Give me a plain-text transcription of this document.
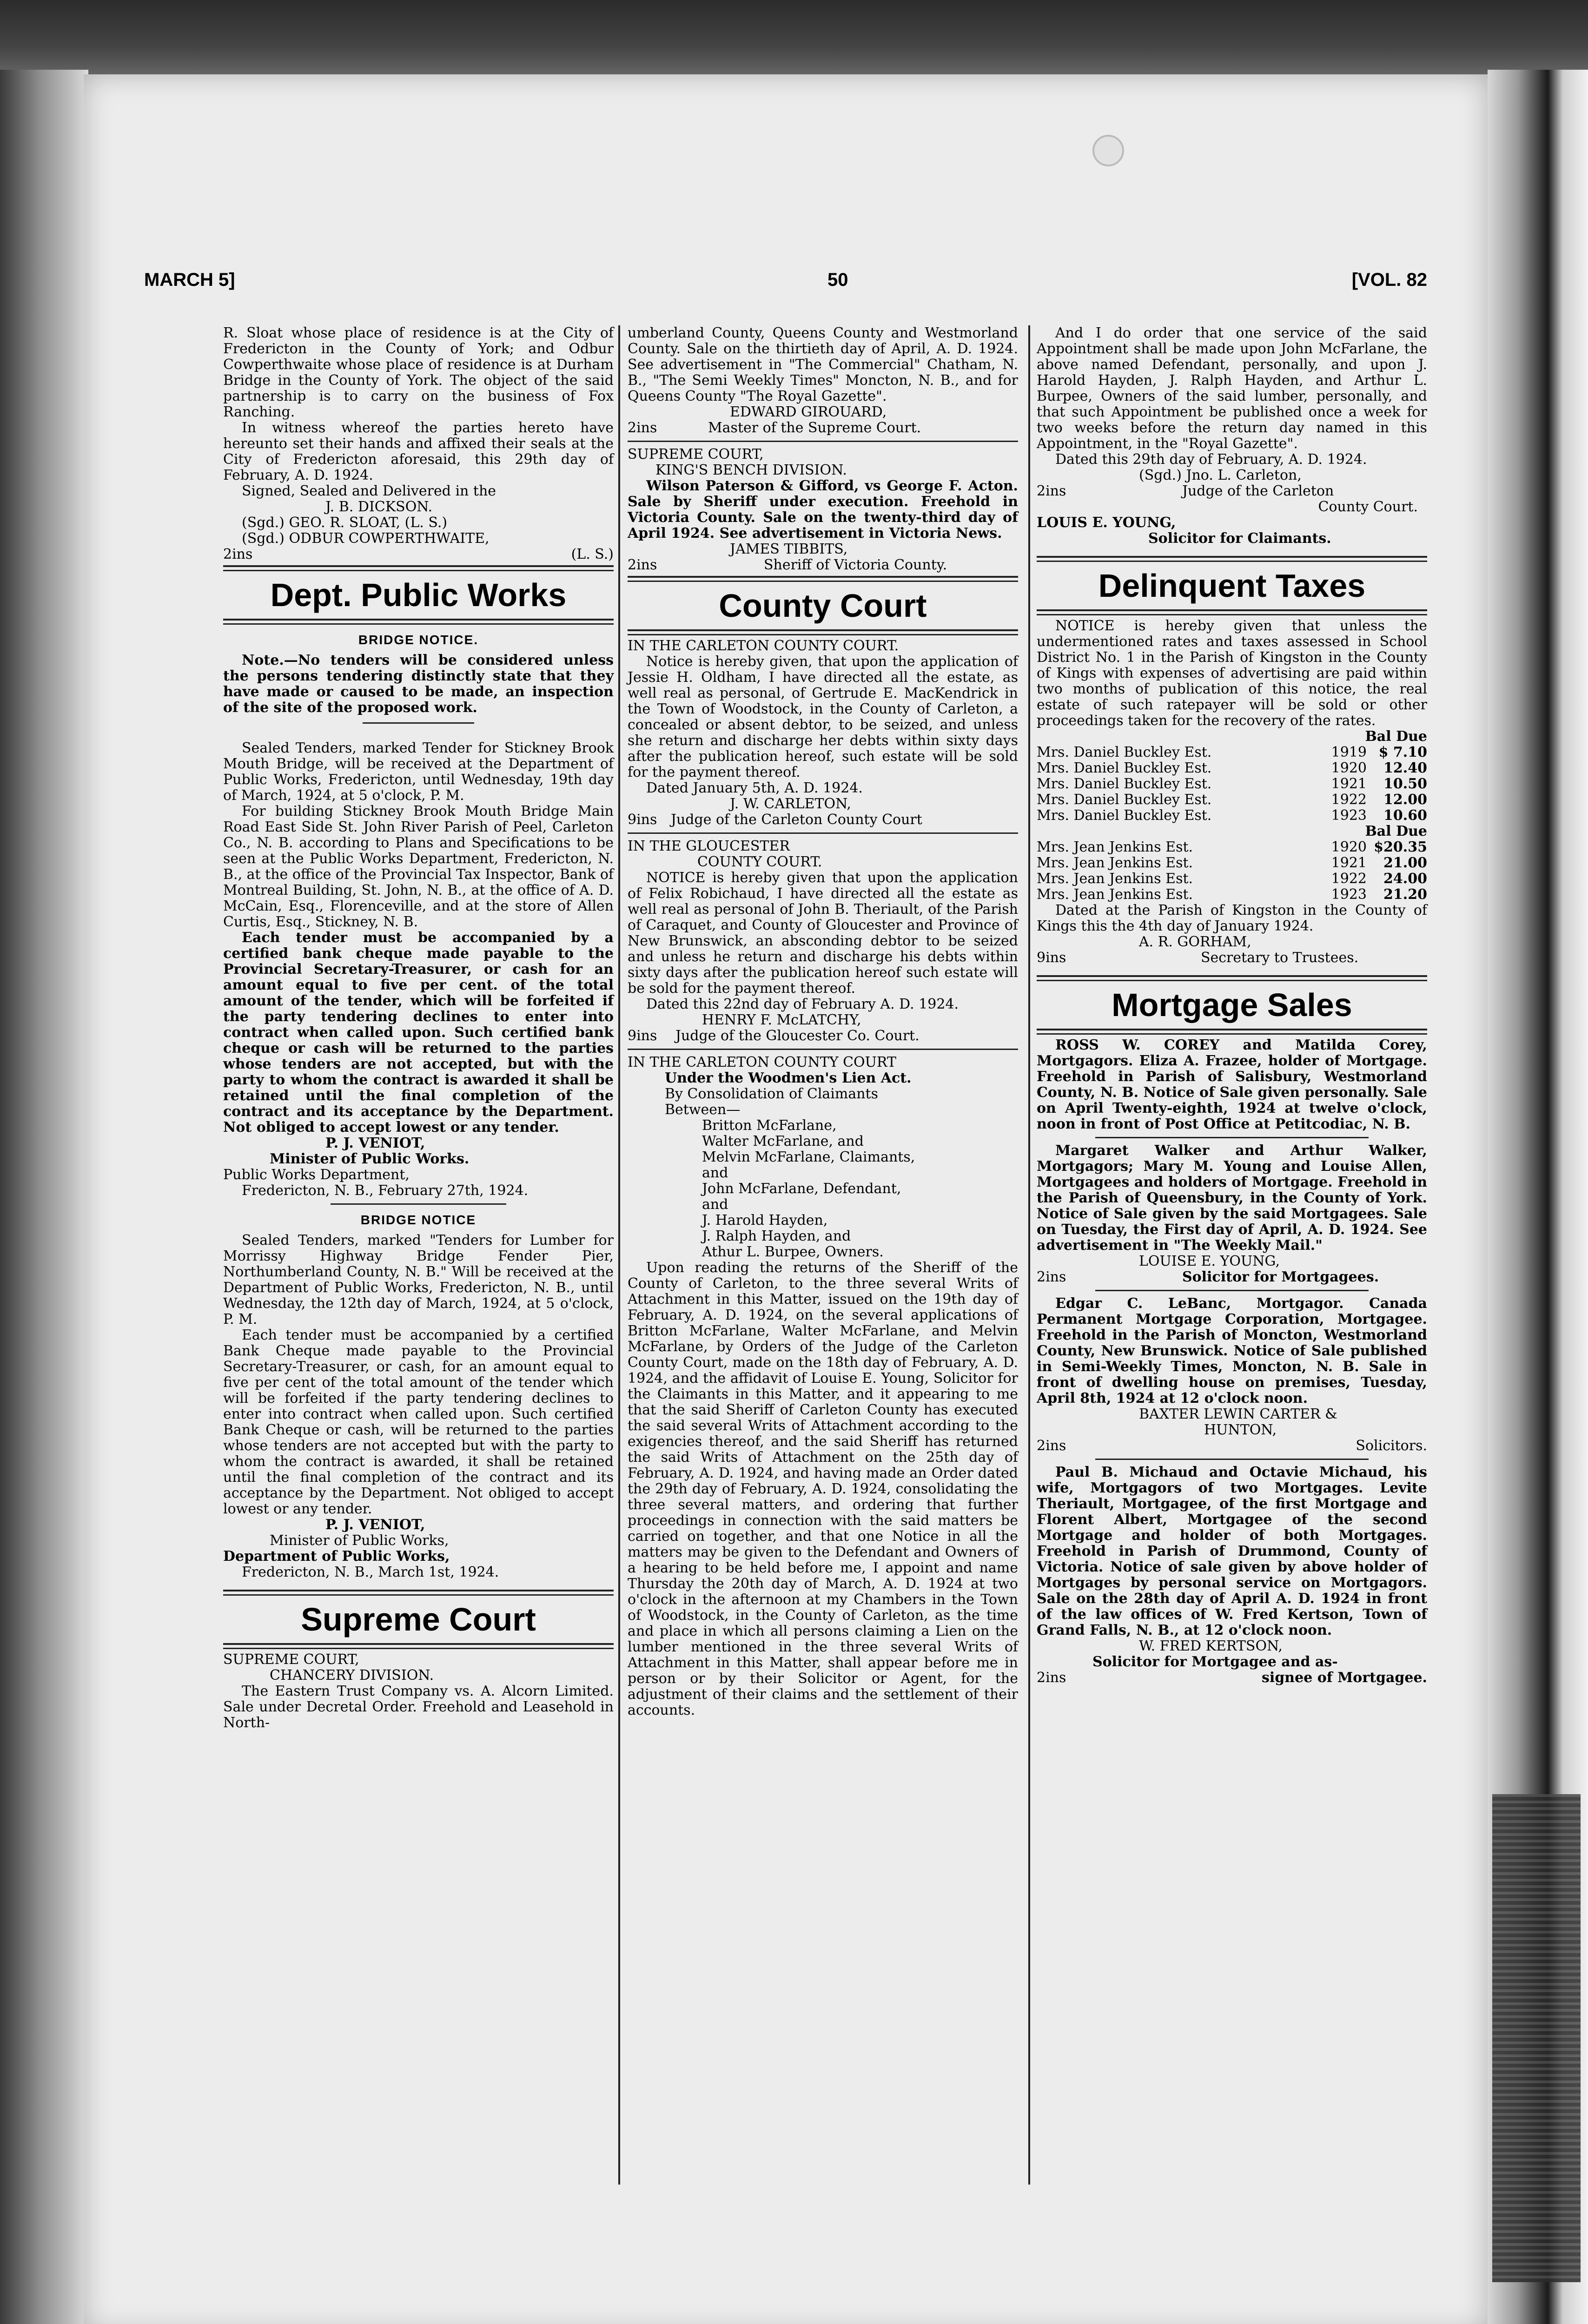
MARCH 5]	50	[VOL. 82

R. Sloat whose place of residence is at the City of Fredericton in the County of York; and Odbur Cowperthwaite whose place of residence is at Durham Bridge in the County of York. The object of the said partnership is to carry on the business of Fox Ranching.

In witness whereof the parties hereto have hereunto set their hands and affixed their seals at the City of Fredericton aforesaid, this 29th day of February, A. D. 1924.

Signed, Sealed and Delivered in the

J. B. DICKSON.

(Sgd.) GEO. R. SLOAT, (L. S.)

(Sgd.) ODBUR COWPERTHWAITE,

2ins	(L. S.)

Dept. Public Works
BRIDGE NOTICE.

Note.—No tenders will be considered unless the persons tendering distinctly state that they have made or caused to be made, an inspection of the site of the proposed work.

Sealed Tenders, marked Tender for Stickney Brook Mouth Bridge, will be received at the Department of Public Works, Fredericton, until Wednesday, 19th day of March, 1924, at 5 o'clock, P. M.

For building Stickney Brook Mouth Bridge Main Road East Side St. John River Parish of Peel, Carleton Co., N. B. according to Plans and Specifications to be seen at the Public Works Department, Fredericton, N. B., at the office of the Provincial Tax Inspector, Bank of Montreal Building, St. John, N. B., at the office of A. D. McCain, Esq., Florenceville, and at the store of Allen Curtis, Esq., Stickney, N. B.

Each tender must be accompanied by a certified bank cheque made payable to the Provincial Secretary-Treasurer, or cash for an amount equal to five per cent. of the total amount of the tender, which will be forfeited if the party tendering declines to enter into contract when called upon. Such certified bank cheque or cash will be returned to the parties whose tenders are not accepted, but with the party to whom the contract is awarded it shall be retained until the final completion of the contract and its acceptance by the Department. Not obliged to accept lowest or any tender.

P. J. VENIOT,

Minister of Public Works.

Public Works Department,

Fredericton, N. B., February 27th, 1924.

BRIDGE NOTICE

Sealed Tenders, marked "Tenders for Lumber for Morrissy Highway Bridge Fender Pier, Northumberland County, N. B." Will be received at the Department of Public Works, Fredericton, N. B., until Wednesday, the 12th day of March, 1924, at 5 o'clock, P. M.

Each tender must be accompanied by a certified Bank Cheque made payable to the Provincial Secretary-Treasurer, or cash, for an amount equal to five per cent of the total amount of the tender which will be forfeited if the party tendering declines to enter into contract when called upon. Such certified Bank Cheque or cash, will be returned to the parties whose tenders are not accepted but with the party to whom the contract is awarded, it shall be retained until the final completion of the contract and its acceptance by the Department. Not obliged to accept lowest or any tender.

P. J. VENIOT,

Minister of Public Works,

Department of Public Works,

Fredericton, N. B., March 1st, 1924.

Supreme Court

SUPREME COURT,

CHANCERY DIVISION.

The Eastern Trust Company vs. A. Alcorn Limited. Sale under Decretal Order. Freehold and Leasehold in North-

umberland County, Queens County and Westmorland County. Sale on the thirtieth day of April, A. D. 1924. See advertisement in "The Commercial" Chatham, N. B., "The Semi Weekly Times" Moncton, N. B., and for Queens County "The Royal Gazette".

EDWARD GIROUARD,

2ins	Master of the Supreme Court.

SUPREME COURT,

KING'S BENCH DIVISION.

Wilson Paterson & Gifford, vs George F. Acton. Sale by Sheriff under execution. Freehold in Victoria County. Sale on the twenty-third day of April 1924. See advertisement in Victoria News.

JAMES TIBBITS,

2ins	Sheriff of Victoria County.

County Court

IN THE CARLETON COUNTY COURT.

Notice is hereby given, that upon the application of Jessie H. Oldham, I have directed all the estate, as well real as personal, of Gertrude E. MacKendrick in the Town of Woodstock, in the County of Carleton, a concealed or absent debtor, to be seized, and unless she return and discharge her debts within sixty days after the publication hereof, such estate will be sold for the payment thereof.

Dated January 5th, A. D. 1924.

J. W. CARLETON,

9ins Judge of the Carleton County Court

IN THE GLOUCESTER

COUNTY COURT.

NOTICE is hereby given that upon the application of Felix Robichaud, I have directed all the estate as well real as personal of John B. Theriault, of the Parish of Caraquet, and County of Gloucester and Province of New Brunswick, an absconding debtor to be seized and unless he return and discharge his debts within sixty days after the publication hereof such estate will be sold for the payment thereof.

Dated this 22nd day of February A. D. 1924.

HENRY F. McLATCHY,

9ins Judge of the Gloucester Co. Court.

IN THE CARLETON COUNTY COURT

Under the Woodmen's Lien Act.

By Consolidation of Claimants

Between—

Britton McFarlane,

Walter McFarlane, and

Melvin McFarlane, Claimants,

and

John McFarlane, Defendant,

and

J. Harold Hayden,

J. Ralph Hayden, and

Athur L. Burpee, Owners.

Upon reading the returns of the Sheriff of the County of Carleton, to the three several Writs of Attachment in this Matter, issued on the 19th day of February, A. D. 1924, on the several applications of Britton McFarlane, Walter McFarlane, and Melvin McFarlane, by Orders of the Judge of the Carleton County Court, made on the 18th day of February, A. D. 1924, and the affidavit of Louise E. Young, Solicitor for the Claimants in this Matter, and it appearing to me that the said Sheriff of Carleton County has executed the said several Writs of Attachment according to the exigencies thereof, and the said Sheriff has returned the said Writs of Attachment on the 25th day of February, A. D. 1924, and having made an Order dated the 29th day of February, A. D. 1924, consolidating the three several matters, and ordering that further proceedings in connection with the said matters be carried on together, and that one Notice in all the matters may be given to the Defendant and Owners of a hearing to be held before me, I appoint and name Thursday the 20th day of March, A. D. 1924 at two o'clock in the afternoon at my Chambers in the Town of Woodstock, in the County of Carleton, as the time and place in which all persons claiming a Lien on the lumber mentioned in the three several Writs of Attachment in this Matter, shall appear before me in person or by their Solicitor or Agent, for the adjustment of their claims and the settlement of their accounts.

And I do order that one service of the said Appointment shall be made upon John McFarlane, the above named Defendant, personally, and upon J. Harold Hayden, J. Ralph Hayden, and Arthur L. Burpee, Owners of the said lumber, personally, and that such Appointment be published once a week for two weeks before the return day named in this Appointment, in the "Royal Gazette".

Dated this 29th day of February, A. D. 1924.

(Sgd.) Jno. L. Carleton,

2ins	Judge of the Carleton

County Court.

LOUIS E. YOUNG,

Solicitor for Claimants.

Delinquent Taxes

NOTICE is hereby given that unless the undermentioned rates and taxes assessed in School District No. 1 in the Parish of Kingston in the County of Kings with expenses of advertising are paid within two months of publication of this notice, the real estate of such ratepayer will be sold or other proceedings taken for the recovery of the rates.

Bal Due

Mrs. Daniel Buckley Est.	1919	$ 7.10
Mrs. Daniel Buckley Est.	1920	12.40
Mrs. Daniel Buckley Est.	1921	10.50
Mrs. Daniel Buckley Est.	1922	12.00
Mrs. Daniel Buckley Est.	1923	10.60

Bal Due

Mrs. Jean Jenkins Est.	1920	$20.35
Mrs. Jean Jenkins Est.	1921	21.00
Mrs. Jean Jenkins Est.	1922	24.00
Mrs. Jean Jenkins Est.	1923	21.20

Dated at the Parish of Kingston in the County of Kings this the 4th day of January 1924.

A. R. GORHAM,

9ins	Secretary to Trustees.

Mortgage Sales

ROSS W. COREY and Matilda Corey, Mortgagors. Eliza A. Frazee, holder of Mortgage. Freehold in Parish of Salisbury, Westmorland County, N. B. Notice of Sale given personally. Sale on April Twenty-eighth, 1924 at twelve o'clock, noon in front of Post Office at Petitcodiac, N. B.

Margaret Walker and Arthur Walker, Mortgagors; Mary M. Young and Louise Allen, Mortgagees and holders of Mortgage. Freehold in the Parish of Queensbury, in the County of York. Notice of Sale given by the said Mortgagees. Sale on Tuesday, the First day of April, A. D. 1924. See advertisement in "The Weekly Mail."

LOUISE E. YOUNG,

2ins	Solicitor for Mortgagees.

Edgar C. LeBanc, Mortgagor. Canada Permanent Mortgage Corporation, Mortgagee. Freehold in the Parish of Moncton, Westmorland County, New Brunswick. Notice of Sale published in Semi-Weekly Times, Moncton, N. B. Sale in front of dwelling house on premises, Tuesday, April 8th, 1924 at 12 o'clock noon.

BAXTER LEWIN CARTER &

HUNTON,

2ins	Solicitors.

Paul B. Michaud and Octavie Michaud, his wife, Mortgagors of two Mortgages. Levite Theriault, Mortgagee, of the first Mortgage and Florent Albert, Mortgagee of the second Mortgage and holder of both Mortgages. Freehold in Parish of Drummond, County of Victoria. Notice of sale given by above holder of Mortgages by personal service on Mortgagors. Sale on the 28th day of April A. D. 1924 in front of the law offices of W. Fred Kertson, Town of Grand Falls, N. B., at 12 o'clock noon.

W. FRED KERTSON,

Solicitor for Mortgagee and as-

2ins	signee of Mortgagee.
